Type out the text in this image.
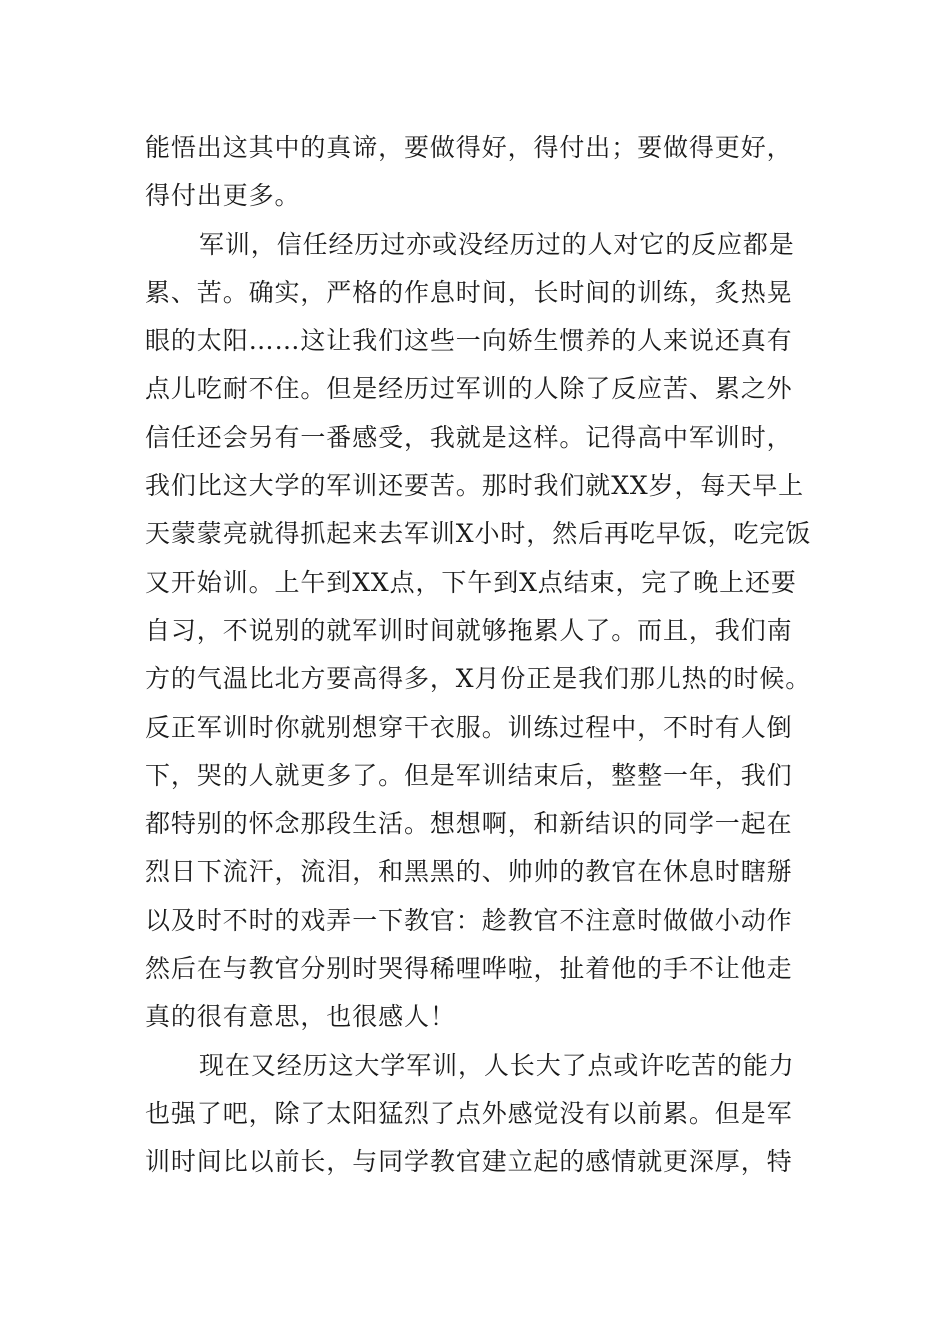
能悟出这其中的真谛，要做得好，得付出；要做得更好，
得付出更多。
军训，信任经历过亦或没经历过的人对它的反应都是
累、苦。确实，严格的作息时间，长时间的训练，炙热晃
眼的太阳……这让我们这些一向娇生惯养的人来说还真有
点儿吃耐不住。但是经历过军训的人除了反应苦、累之外
信任还会另有一番感受，我就是这样。记得高中军训时，
我们比这大学的军训还要苦。那时我们就XX岁，每天早上
天蒙蒙亮就得抓起来去军训X小时，然后再吃早饭，吃完饭
又开始训。上午到XX点，下午到X点结束，完了晚上还要
自习，不说别的就军训时间就够拖累人了。而且，我们南
方的气温比北方要高得多，X月份正是我们那儿热的时候。
反正军训时你就别想穿干衣服。训练过程中，不时有人倒
下，哭的人就更多了。但是军训结束后，整整一年，我们
都特别的怀念那段生活。想想啊，和新结识的同学一起在
烈日下流汗，流泪，和黑黑的、帅帅的教官在休息时瞎掰
以及时不时的戏弄一下教官：趁教官不注意时做做小动作
然后在与教官分别时哭得稀哩哗啦，扯着他的手不让他走
真的很有意思，也很感人！
现在又经历这大学军训，人长大了点或许吃苦的能力
也强了吧，除了太阳猛烈了点外感觉没有以前累。但是军
训时间比以前长，与同学教官建立起的感情就更深厚，特
